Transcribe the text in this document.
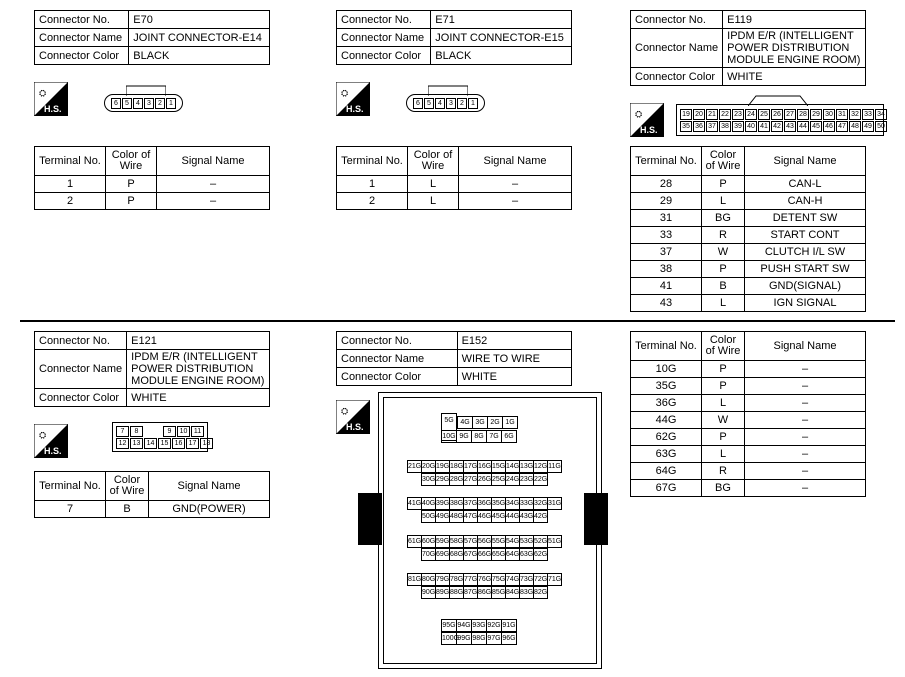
Connector No.	E70
Connector Name	JOINT CONNECTOR-E14
Connector Color	BLACK
⛭
H.S.
6	5	4	3	2	1
Terminal No.	Color of Wire	Signal Name
1	P	–
2	P	–
Connector No.	E71
Connector Name	JOINT CONNECTOR-E15
Connector Color	BLACK
⛭
H.S.
6	5	4	3	2	1
Terminal No.	Color of Wire	Signal Name
1	L	–
2	L	–
Connector No.	E119
Connector Name	IPDM E/R (INTELLIGENT POWER DISTRIBUTION MODULE ENGINE ROOM)
Connector Color	WHITE
⛭
H.S.
19 20 21 22 23 24 25 26 27 28 29 30 31 32 33 34
35 36 37 38 39 40 41 42 43 44 45 46 47 48 49 50
Terminal No.	Color of Wire	Signal Name
28	P	CAN-L
29	L	CAN-H
31	BG	DETENT SW
33	R	START CONT
37	W	CLUTCH I/L SW
38	P	PUSH START SW
41	B	GND(SIGNAL)
43	L	IGN SIGNAL
Connector No.	E121
Connector Name	IPDM E/R (INTELLIGENT POWER DISTRIBUTION MODULE ENGINE ROOM)
Connector Color	WHITE
⛭
H.S.
7	8	9	10 11
12 13 14 15 16 17 18
Terminal No.	Color of Wire	Signal Name
7	B	GND(POWER)
Connector No.	E152
Connector Name	WIRE TO WIRE
Connector Color	WHITE
⛭
H.S.
5G 4G 3G 2G 1G
10G 9G 8G 7G 6G
21G 20G 19G 18G 17G 16G 15G 14G 13G 12G 11G
30G 29G 28G 27G 26G 25G 24G 23G 22G
41G 40G 39G 38G 37G 36G 35G 34G 33G 32G 31G
50G 49G 48G 47G 46G 45G 44G 43G 42G
61G 60G 59G 58G 57G 56G 55G 54G 53G 52G 51G
70G 69G 68G 67G 66G 65G 64G 63G 62G
81G 80G 79G 78G 77G 76G 75G 74G 73G 72G 71G
90G 89G 88G 87G 86G 85G 84G 83G 82G
95G 94G 93G 92G 91G
100G
99G 98G 97G 96G
Terminal No.	Color of Wire	Signal Name
10G	P	–
35G	P	–
36G	L	–
44G	W	–
62G	P	–
63G	L	–
64G	R	–
67G	BG	–
